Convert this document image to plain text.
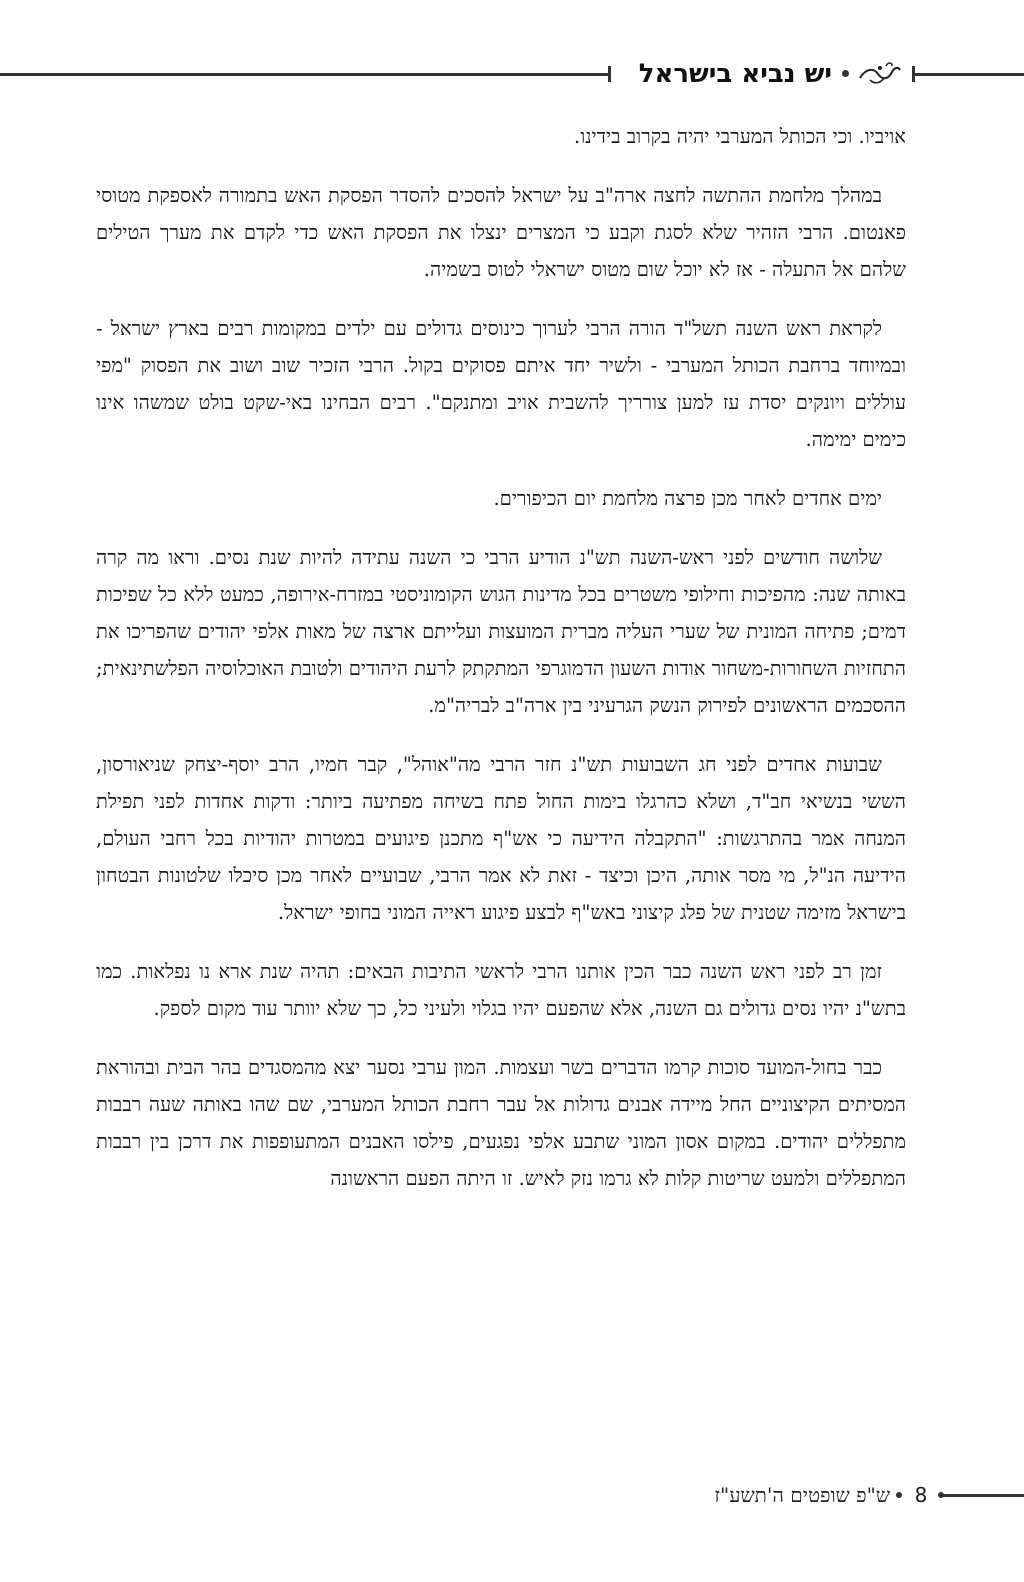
יש נביא בישראל

אויביו. וכי הכותל המערבי יהיה בקרוב בידינו.

במהלך מלחמת ההתשה לחצה ארה"ב על ישראל להסכים להסדר הפסקת האש בתמורה לאספקת מטוסי פאנטום. הרבי הזהיר שלא לסגת וקבע כי המצרים ינצלו את הפסקת האש כדי לקדם את מערך הטילים שלהם אל התעלה - אז לא יוכל שום מטוס ישראלי לטוס בשמיה.

לקראת ראש השנה תשל"ד הורה הרבי לערוך כינוסים גדולים עם ילדים במקומות רבים בארץ ישראל - ובמיוחד ברחבת הכותל המערבי - ולשיר יחד איתם פסוקים בקול. הרבי הזכיר שוב ושוב את הפסוק "מפי עוללים ויונקים יסדת עז למען צורריך להשבית אויב ומתנקם". רבים הבחינו באי-שקט בולט שמשהו אינו כימים ימימה.

ימים אחדים לאחר מכן פרצה מלחמת יום הכיפורים.

שלושה חודשים לפני ראש-השנה תש"נ הודיע הרבי כי השנה עתידה להיות שנת נסים. וראו מה קרה באותה שנה: מהפיכות וחילופי משטרים בכל מדינות הגוש הקומוניסטי במזרח-אירופה, כמעט ללא כל שפיכות דמים; פתיחה המונית של שערי העליה מברית המועצות ועלייתם ארצה של מאות אלפי יהודים שהפריכו את התחזיות השחורות-משחור אודות השעון הדמוגרפי המתקתק לרעת היהודים ולטובת האוכלוסיה הפלשתינאית; ההסכמים הראשונים לפירוק הנשק הגרעיני בין ארה"ב לבריה"מ.

שבועות אחדים לפני חג השבועות תש"נ חזר הרבי מה"אוהל", קבר חמיו, הרב יוסף-יצחק שניאורסון, הששי בנשיאי חב"ד, ושלא כהרגלו בימות החול פתח בשיחה מפתיעה ביותר: ודקות אחדות לפני תפילת המנחה אמר בהתרגשות: "התקבלה הידיעה כי אש"ף מתכנן פיגועים במטרות יהודיות בכל רחבי העולם, הידיעה הנ"ל, מי מסר אותה, היכן וכיצד - זאת לא אמר הרבי, שבועיים לאחר מכן סיכלו שלטונות הבטחון בישראל מזימה שטנית של פלג קיצוני באש"ף לבצע פיגוע ראייה המוני בחופי ישראל.

זמן רב לפני ראש השנה כבר הכין אותנו הרבי לראשי התיבות הבאים: תהיה שנת ארא נו נפלאות. כמו בתש"נ יהיו נסים גדולים גם השנה, אלא שהפעם יהיו בגלוי ולעיני כל, כך שלא יוותר עוד מקום לספק.

כבר בחול-המועד סוכות קרמו הדברים בשר ועצמות. המון ערבי נסער יצא מהמסגדים בהר הבית ובהוראת המסיתים הקיצוניים החל מיידה אבנים גדולות אל עבר רחבת הכותל המערבי, שם שהו באותה שעה רבבות מתפללים יהודים. במקום אסון המוני שתבע אלפי נפגעים, פילסו האבנים המתעופפות את דרכן בין רבבות המתפללים ולמעט שריטות קלות לא גרמו נזק לאיש. זו היתה הפעם הראשונה

ש"פ שופטים ה'תשע"ז	8
